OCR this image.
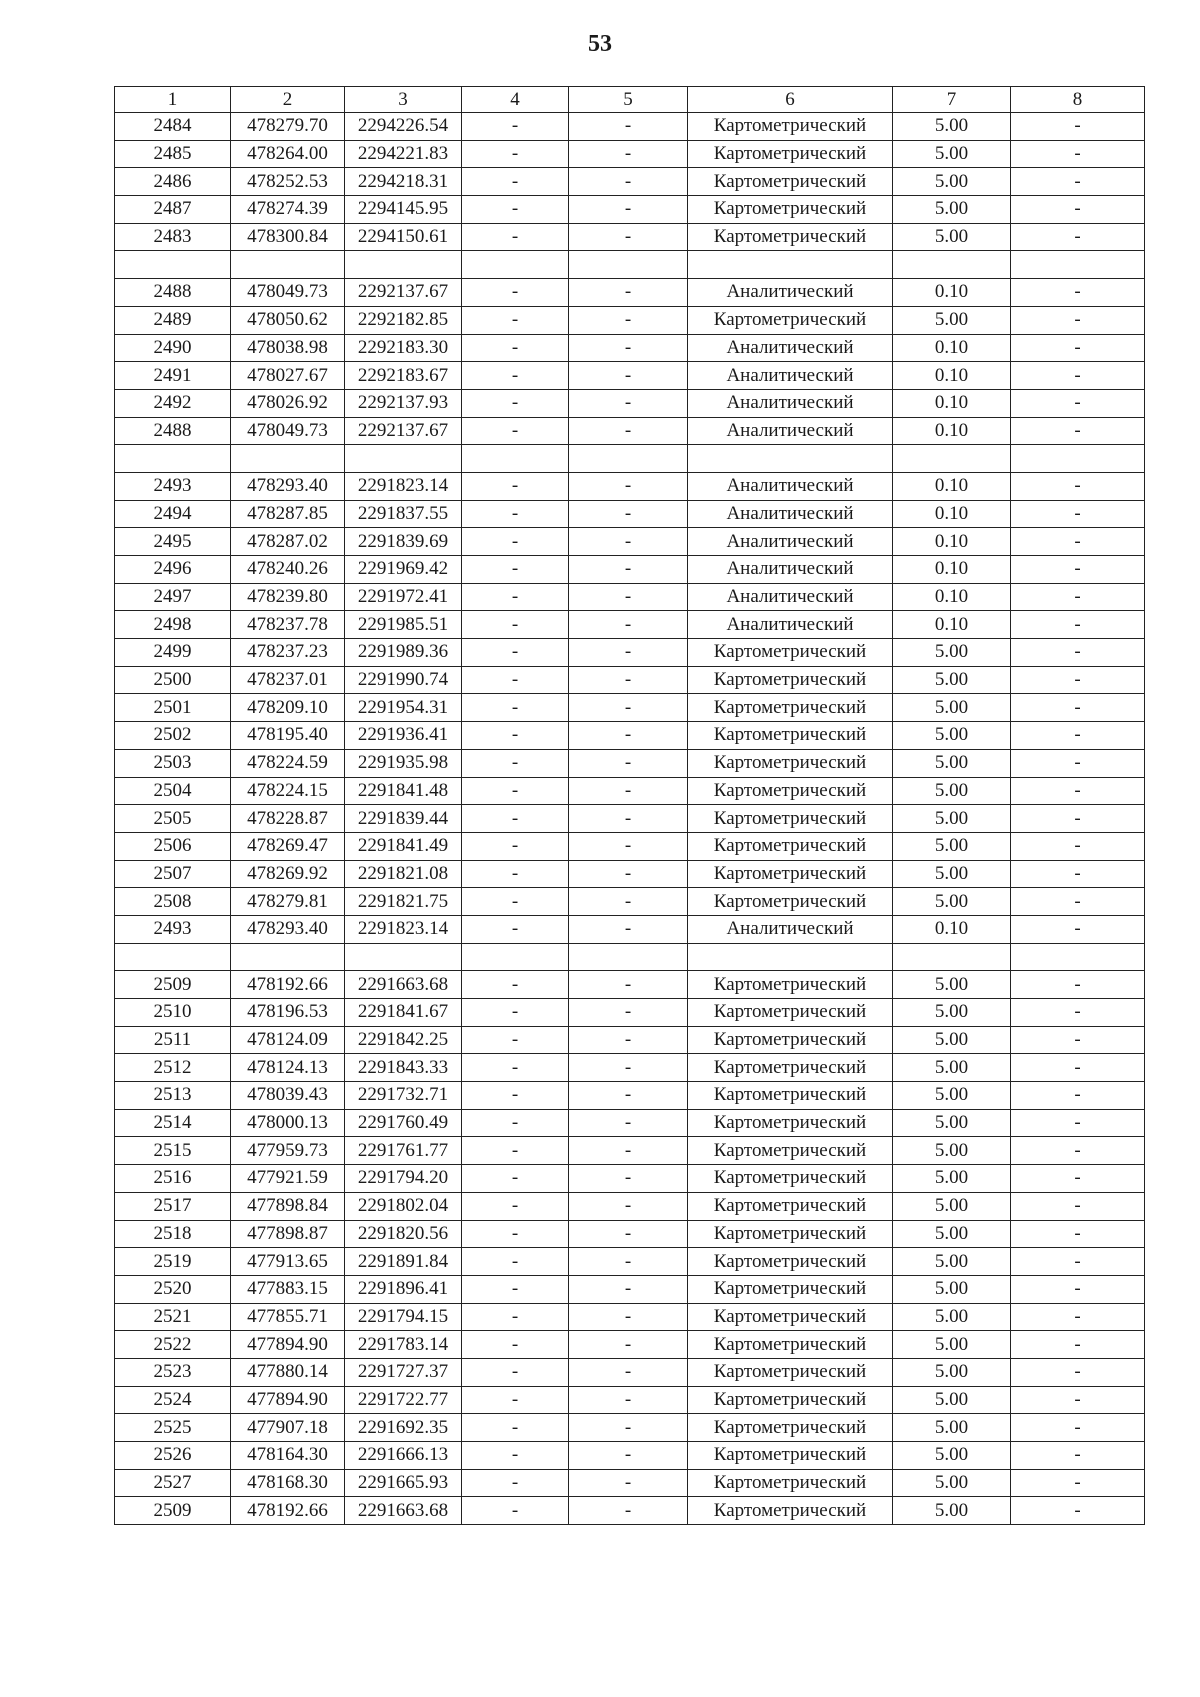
53
1	2	3	4	5	6	7	8
2484	478279.70	2294226.54	-	-	Картометрический	5.00	-
2485	478264.00	2294221.83	-	-	Картометрический	5.00	-
2486	478252.53	2294218.31	-	-	Картометрический	5.00	-
2487	478274.39	2294145.95	-	-	Картометрический	5.00	-
2483	478300.84	2294150.61	-	-	Картометрический	5.00	-

2488	478049.73	2292137.67	-	-	Аналитический	0.10	-
2489	478050.62	2292182.85	-	-	Картометрический	5.00	-
2490	478038.98	2292183.30	-	-	Аналитический	0.10	-
2491	478027.67	2292183.67	-	-	Аналитический	0.10	-
2492	478026.92	2292137.93	-	-	Аналитический	0.10	-
2488	478049.73	2292137.67	-	-	Аналитический	0.10	-

2493	478293.40	2291823.14	-	-	Аналитический	0.10	-
2494	478287.85	2291837.55	-	-	Аналитический	0.10	-
2495	478287.02	2291839.69	-	-	Аналитический	0.10	-
2496	478240.26	2291969.42	-	-	Аналитический	0.10	-
2497	478239.80	2291972.41	-	-	Аналитический	0.10	-
2498	478237.78	2291985.51	-	-	Аналитический	0.10	-
2499	478237.23	2291989.36	-	-	Картометрический	5.00	-
2500	478237.01	2291990.74	-	-	Картометрический	5.00	-
2501	478209.10	2291954.31	-	-	Картометрический	5.00	-
2502	478195.40	2291936.41	-	-	Картометрический	5.00	-
2503	478224.59	2291935.98	-	-	Картометрический	5.00	-
2504	478224.15	2291841.48	-	-	Картометрический	5.00	-
2505	478228.87	2291839.44	-	-	Картометрический	5.00	-
2506	478269.47	2291841.49	-	-	Картометрический	5.00	-
2507	478269.92	2291821.08	-	-	Картометрический	5.00	-
2508	478279.81	2291821.75	-	-	Картометрический	5.00	-
2493	478293.40	2291823.14	-	-	Аналитический	0.10	-

2509	478192.66	2291663.68	-	-	Картометрический	5.00	-
2510	478196.53	2291841.67	-	-	Картометрический	5.00	-
2511	478124.09	2291842.25	-	-	Картометрический	5.00	-
2512	478124.13	2291843.33	-	-	Картометрический	5.00	-
2513	478039.43	2291732.71	-	-	Картометрический	5.00	-
2514	478000.13	2291760.49	-	-	Картометрический	5.00	-
2515	477959.73	2291761.77	-	-	Картометрический	5.00	-
2516	477921.59	2291794.20	-	-	Картометрический	5.00	-
2517	477898.84	2291802.04	-	-	Картометрический	5.00	-
2518	477898.87	2291820.56	-	-	Картометрический	5.00	-
2519	477913.65	2291891.84	-	-	Картометрический	5.00	-
2520	477883.15	2291896.41	-	-	Картометрический	5.00	-
2521	477855.71	2291794.15	-	-	Картометрический	5.00	-
2522	477894.90	2291783.14	-	-	Картометрический	5.00	-
2523	477880.14	2291727.37	-	-	Картометрический	5.00	-
2524	477894.90	2291722.77	-	-	Картометрический	5.00	-
2525	477907.18	2291692.35	-	-	Картометрический	5.00	-
2526	478164.30	2291666.13	-	-	Картометрический	5.00	-
2527	478168.30	2291665.93	-	-	Картометрический	5.00	-
2509	478192.66	2291663.68	-	-	Картометрический	5.00	-
